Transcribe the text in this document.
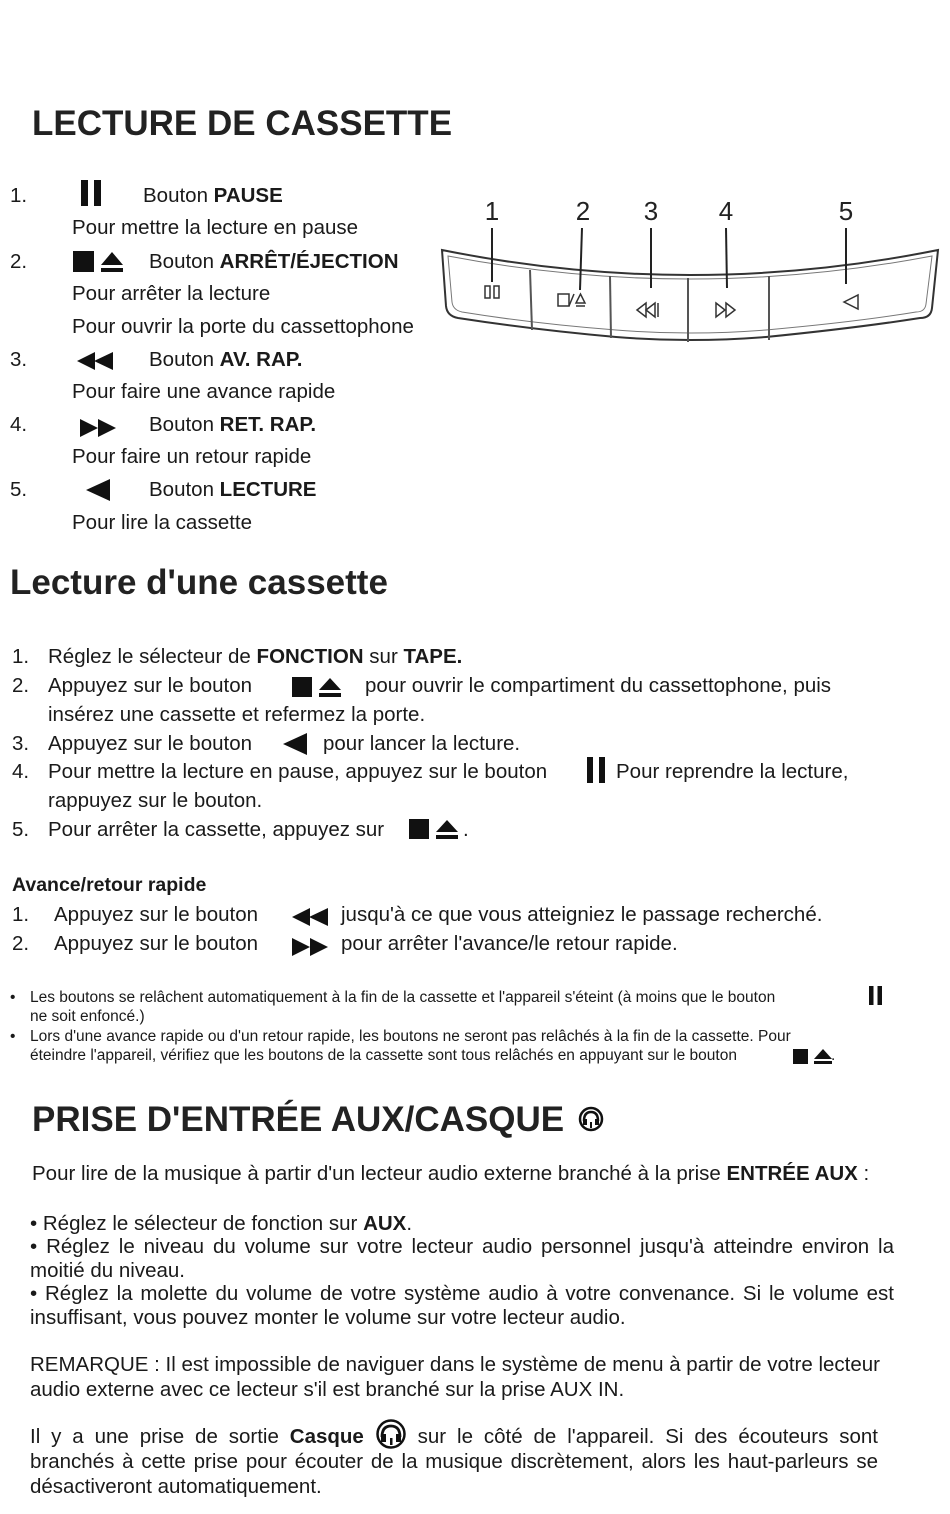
LECTURE DE CASSETTE
1.	Bouton PAUSE
Pour mettre la lecture en pause
2.	Bouton ARRÊT/ÉJECTION
Pour arrêter la lecture
Pour ouvrir la porte du cassettophone
3.	Bouton AV. RAP.
Pour faire une avance rapide
4.	Bouton RET. RAP.
Pour faire un retour rapide
5.	Bouton LECTURE
Pour lire la cassette
1	2 3 4	5
Lecture d'une cassette
1. Réglez le sélecteur de FONCTION sur TAPE.
2. Appuyez sur le bouton	pour ouvrir le compartiment du cassettophone, puis
insérez une cassette et refermez la porte.
3. Appuyez sur le bouton	pour lancer la lecture.
4. Pour mettre la lecture en pause, appuyez sur le bouton	Pour reprendre la lecture,
rappuyez sur le bouton.
5. Pour arrêter la cassette, appuyez sur	.
Avance/retour rapide
1. Appuyez sur le bouton	jusqu'à ce que vous atteigniez le passage recherché.
2. Appuyez sur le bouton	pour arrêter l'avance/le retour rapide.
• Les boutons se relâchent automatiquement à la fin de la cassette et l'appareil s'éteint (à moins que le bouton
ne soit enfoncé.)
• Lors d'une avance rapide ou d'un retour rapide, les boutons ne seront pas relâchés à la fin de la cassette. Pour
éteindre l'appareil, vérifiez que les boutons de la cassette sont tous relâchés en appuyant sur le bouton	.
PRISE D'ENTRÉE AUX/CASQUE
Pour lire de la musique à partir d'un lecteur audio externe branché à la prise ENTRÉE AUX :
• Réglez le sélecteur de fonction sur AUX.
• Réglez le niveau du volume sur votre lecteur audio personnel jusqu'à atteindre environ la moitié du niveau.
• Réglez la molette du volume de votre système audio à votre convenance. Si le volume est insuffisant, vous pouvez monter le volume sur votre lecteur audio.
REMARQUE : Il est impossible de naviguer dans le système de menu à partir de votre lecteur audio externe avec ce lecteur s'il est branché sur la prise AUX IN.
Il y a une prise de sortie Casque  sur le côté de l'appareil. Si des écouteurs sont branchés à cette prise pour écouter de la musique discrètement, alors les haut-parleurs se désactiveront automatiquement.
